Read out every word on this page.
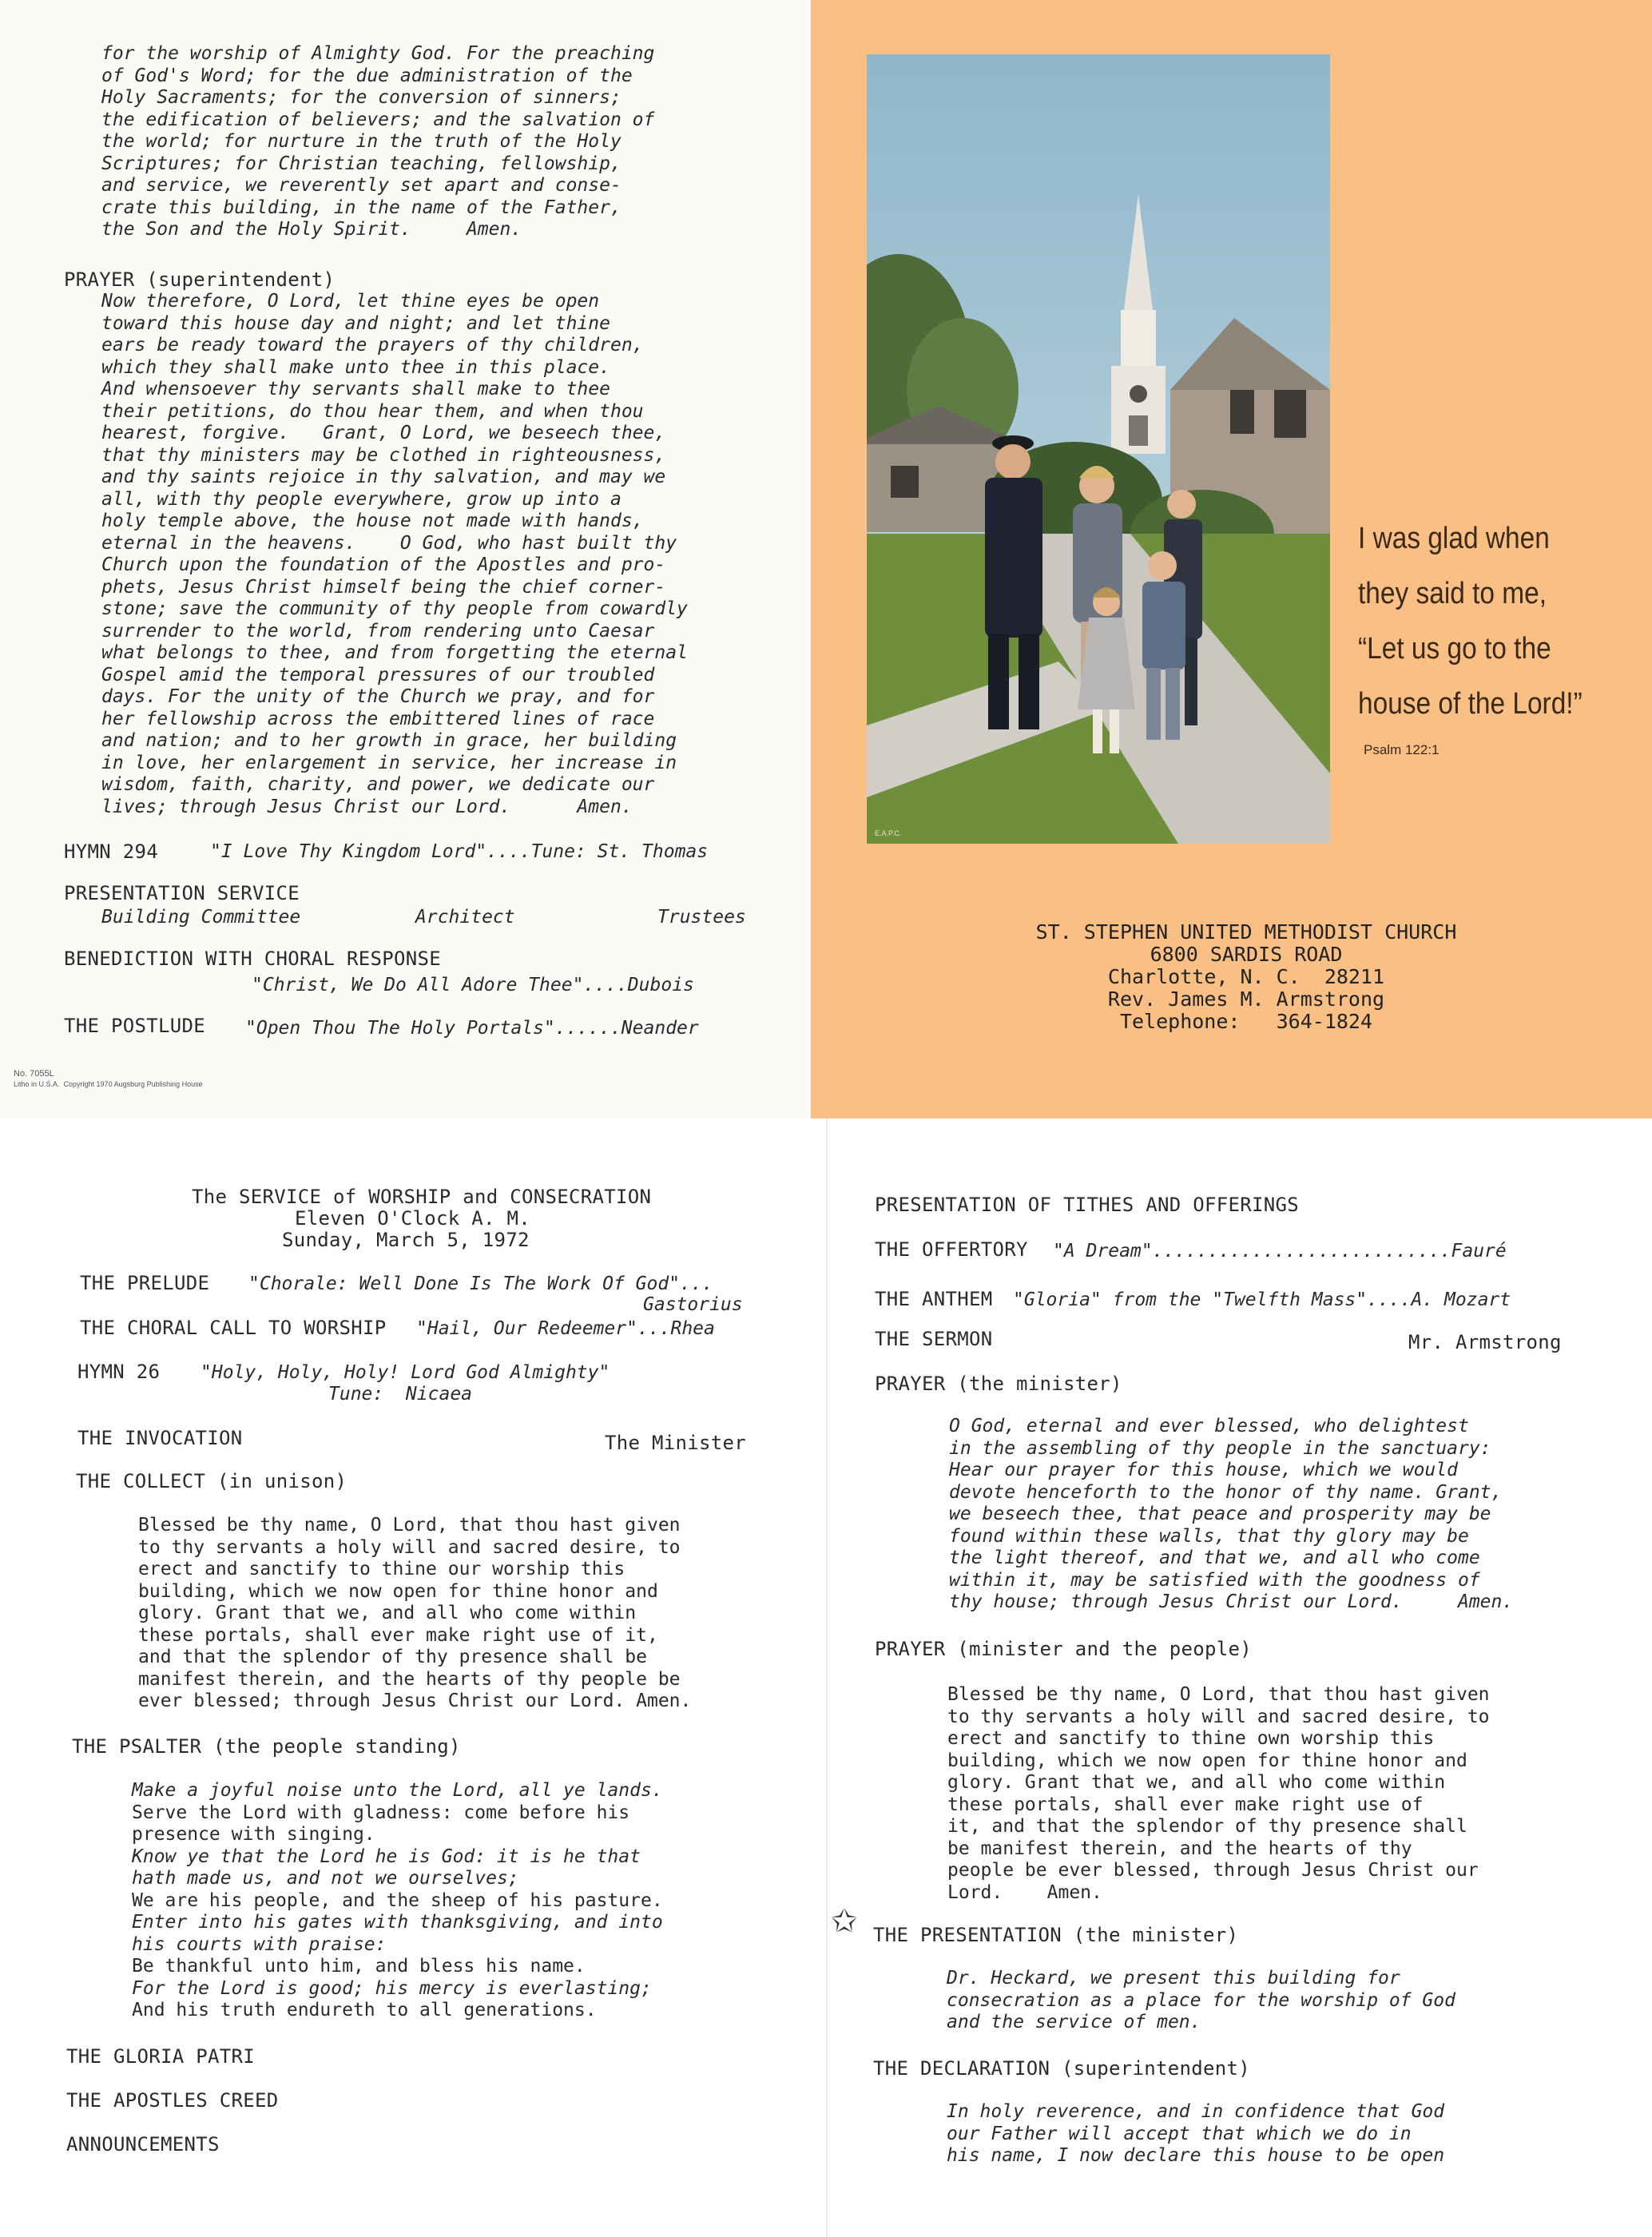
for the worship of Almighty God. For the preaching
of God's Word; for the due administration of the
Holy Sacraments; for the conversion of sinners;
the edification of believers; and the salvation of
the world; for nurture in the truth of the Holy
Scriptures; for Christian teaching, fellowship,
and service, we reverently set apart and conse-
crate this building, in the name of the Father,
the Son and the Holy Spirit.     Amen.
PRAYER (superintendent)
Now therefore, O Lord, let thine eyes be open
toward this house day and night; and let thine
ears be ready toward the prayers of thy children,
which they shall make unto thee in this place.
And whensoever thy servants shall make to thee
their petitions, do thou hear them, and when thou
hearest, forgive.   Grant, O Lord, we beseech thee,
that thy ministers may be clothed in righteousness,
and thy saints rejoice in thy salvation, and may we
all, with thy people everywhere, grow up into a
holy temple above, the house not made with hands,
eternal in the heavens.    O God, who hast built thy
Church upon the foundation of the Apostles and pro-
phets, Jesus Christ himself being the chief corner-
stone; save the community of thy people from cowardly
surrender to the world, from rendering unto Caesar
what belongs to thee, and from forgetting the eternal
Gospel amid the temporal pressures of our troubled
days. For the unity of the Church we pray, and for
her fellowship across the embittered lines of race
and nation; and to her growth in grace, her building
in love, her enlargement in service, her increase in
wisdom, faith, charity, and power, we dedicate our
lives; through Jesus Christ our Lord.      Amen.
HYMN 294	"I Love Thy Kingdom Lord"....Tune: St. Thomas
PRESENTATION SERVICE
Building Committee	Architect	Trustees
BENEDICTION WITH CHORAL RESPONSE
"Christ, We Do All Adore Thee"....Dubois
THE POSTLUDE "Open Thou The Holy Portals"......Neander
No. 7055L
Litho in U.S.A.  Copyright 1970 Augsburg Publishing House
E.A.P.C.
I was glad when
they said to me,
“Let us go to the
house of the Lord!”
Psalm 122:1
ST. STEPHEN UNITED METHODIST CHURCH
6800 SARDIS ROAD
Charlotte, N. C.  28211
Rev. James M. Armstrong
Telephone:   364-1824
The SERVICE of WORSHIP and CONSECRATION
Eleven O'Clock A. M.
Sunday, March 5, 1972
THE PRELUDE "Chorale: Well Done Is The Work Of God"...
Gastorius
THE CHORAL CALL TO WORSHIP "Hail, Our Redeemer"...Rhea
HYMN 26 "Holy, Holy, Holy! Lord God Almighty"
Tune:  Nicaea
THE INVOCATION	The Minister
THE COLLECT (in unison)
Blessed be thy name, O Lord, that thou hast given
to thy servants a holy will and sacred desire, to
erect and sanctify to thine our worship this
building, which we now open for thine honor and
glory. Grant that we, and all who come within
these portals, shall ever make right use of it,
and that the splendor of thy presence shall be
manifest therein, and the hearts of thy people be
ever blessed; through Jesus Christ our Lord. Amen.
THE PSALTER (the people standing)
Make a joyful noise unto the Lord, all ye lands.
Serve the Lord with gladness: come before his
presence with singing.
Know ye that the Lord he is God: it is he that
hath made us, and not we ourselves;
We are his people, and the sheep of his pasture.
Enter into his gates with thanksgiving, and into
his courts with praise:
Be thankful unto him, and bless his name.
For the Lord is good; his mercy is everlasting;
And his truth endureth to all generations.
THE GLORIA PATRI
THE APOSTLES CREED
ANNOUNCEMENTS
PRESENTATION OF TITHES AND OFFERINGS
THE OFFERTORY "A Dream"...........................Fauré
THE ANTHEM "Gloria" from the "Twelfth Mass"....A. Mozart
THE SERMON	Mr. Armstrong
PRAYER (the minister)
O God, eternal and ever blessed, who delightest
in the assembling of thy people in the sanctuary:
Hear our prayer for this house, which we would
devote henceforth to the honor of thy name. Grant,
we beseech thee, that peace and prosperity may be
found within these walls, that thy glory may be
the light thereof, and that we, and all who come
within it, may be satisfied with the goodness of
thy house; through Jesus Christ our Lord.     Amen.
PRAYER (minister and the people)
Blessed be thy name, O Lord, that thou hast given
to thy servants a holy will and sacred desire, to
erect and sanctify to thine own worship this
building, which we now open for thine honor and
glory. Grant that we, and all who come within
these portals, shall ever make right use of
it, and that the splendor of thy presence shall
be manifest therein, and the hearts of thy
people be ever blessed, through Jesus Christ our
Lord.    Amen.
✩ THE PRESENTATION (the minister)
Dr. Heckard, we present this building for
consecration as a place for the worship of God
and the service of men.
THE DECLARATION (superintendent)
In holy reverence, and in confidence that God
our Father will accept that which we do in
his name, I now declare this house to be open
